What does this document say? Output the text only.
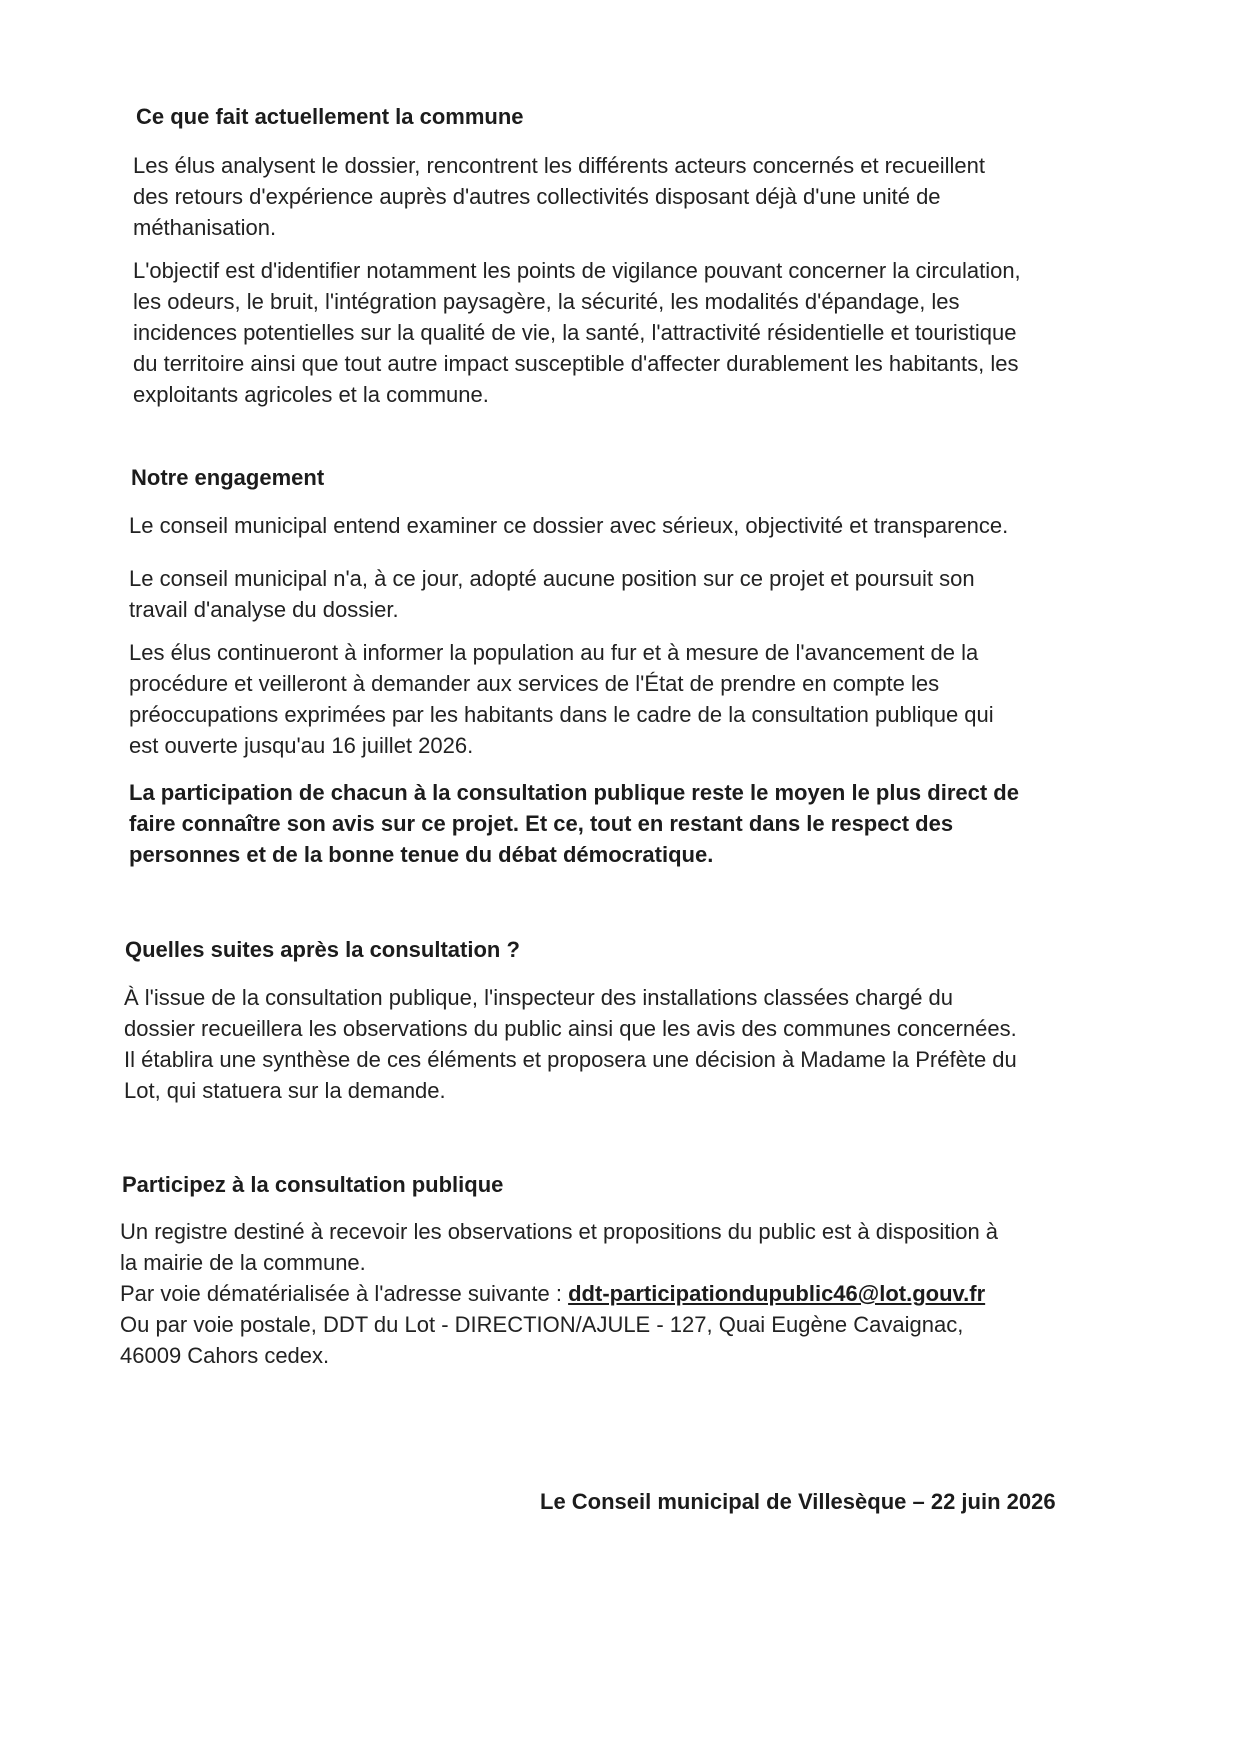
Ce que fait actuellement la commune

Les élus analysent le dossier, rencontrent les différents acteurs concernés et recueillent

des retours d'expérience auprès d'autres collectivités disposant déjà d'une unité de

méthanisation.

L'objectif est d'identifier notamment les points de vigilance pouvant concerner la circulation,

les odeurs, le bruit, l'intégration paysagère, la sécurité, les modalités d'épandage, les

incidences potentielles sur la qualité de vie, la santé, l'attractivité résidentielle et touristique

du territoire ainsi que tout autre impact susceptible d'affecter durablement les habitants, les

exploitants agricoles et la commune.

Notre engagement

Le conseil municipal entend examiner ce dossier avec sérieux, objectivité et transparence.

Le conseil municipal n'a, à ce jour, adopté aucune position sur ce projet et poursuit son

travail d'analyse du dossier.

Les élus continueront à informer la population au fur et à mesure de l'avancement de la

procédure et veilleront à demander aux services de l'État de prendre en compte les

préoccupations exprimées par les habitants dans le cadre de la consultation publique qui

est ouverte jusqu'au 16 juillet 2026.

La participation de chacun à la consultation publique reste le moyen le plus direct de

faire connaître son avis sur ce projet. Et ce, tout en restant dans le respect des

personnes et de la bonne tenue du débat démocratique.

Quelles suites après la consultation ?

À l'issue de la consultation publique, l'inspecteur des installations classées chargé du

dossier recueillera les observations du public ainsi que les avis des communes concernées.

Il établira une synthèse de ces éléments et proposera une décision à Madame la Préfète du

Lot, qui statuera sur la demande.

Participez à la consultation publique

Un registre destiné à recevoir les observations et propositions du public est à disposition à

la mairie de la commune.

Par voie dématérialisée à l'adresse suivante : ddt-participationdupublic46@lot.gouv.fr

Ou par voie postale, DDT du Lot - DIRECTION/AJULE - 127, Quai Eugène Cavaignac,

46009 Cahors cedex.

Le Conseil municipal de Villesèque – 22 juin 2026
